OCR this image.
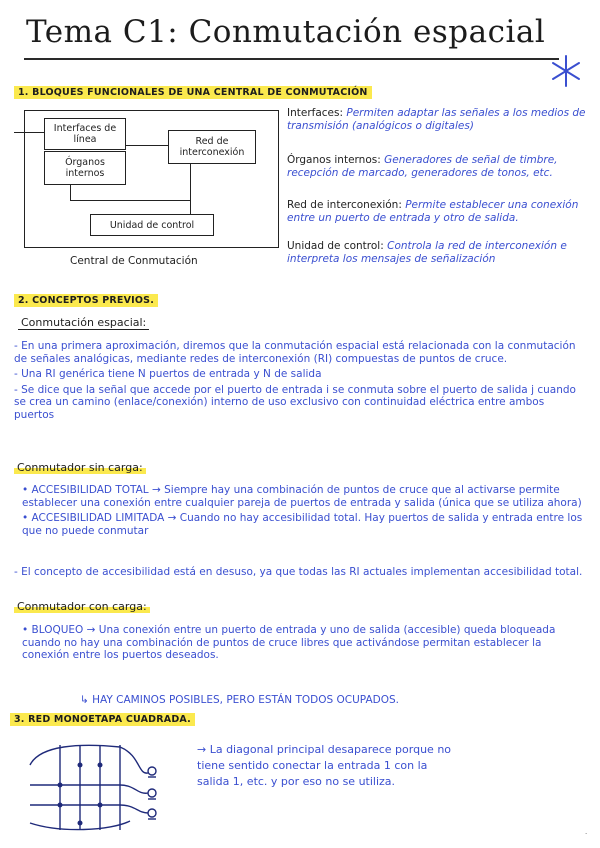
Tema C1: Conmutación espacial
1. BLOQUES FUNCIONALES DE UNA CENTRAL DE CONMUTACIÓN
Interfaces de línea
Órganos internos
Red de interconexión
Unidad de control
Central de Conmutación

Interfaces: Permiten adaptar las señales a los medios de transmisión (analógicos o digitales)

Órganos internos: Generadores de señal de timbre, recepción de marcado, generadores de tonos, etc.

Red de interconexión: Permite establecer una conexión entre un puerto de entrada y otro de salida.

Unidad de control: Controla la red de interconexión e interpreta los mensajes de señalización

2. CONCEPTOS PREVIOS.

Conmutación espacial:

- En una primera aproximación, diremos que la conmutación espacial está relacionada con la conmutación de señales analógicas, mediante redes de interconexión (RI) compuestas de puntos de cruce.

- Una RI genérica tiene N puertos de entrada y N de salida

- Se dice que la señal que accede por el puerto de entrada i se conmuta sobre el puerto de salida j cuando se crea un camino (enlace/conexión) interno de uso exclusivo con continuidad eléctrica entre ambos puertos

Conmutador sin carga:

• ACCESIBILIDAD TOTAL → Siempre hay una combinación de puntos de cruce que al activarse permite establecer una conexión entre cualquier pareja de puertos de entrada y salida (única que se utiliza ahora)

• ACCESIBILIDAD LIMITADA → Cuando no hay accesibilidad total. Hay puertos de salida y entrada entre los que no puede conmutar

- El concepto de accesibilidad está en desuso, ya que todas las RI actuales implementan accesibilidad total.

Conmutador con carga:

• BLOQUEO → Una conexión entre un puerto de entrada y uno de salida (accesible) queda bloqueada cuando no hay una combinación de puntos de cruce libres que activándose permitan establecer la conexión entre los puertos deseados.

↳ HAY CAMINOS POSIBLES, PERO ESTÁN TODOS OCUPADOS.
3. RED MONOETAPA CUADRADA.

→ La diagonal principal desaparece porque no tiene sentido conectar la entrada 1 con la salida 1, etc. y por eso no se utiliza.

·
